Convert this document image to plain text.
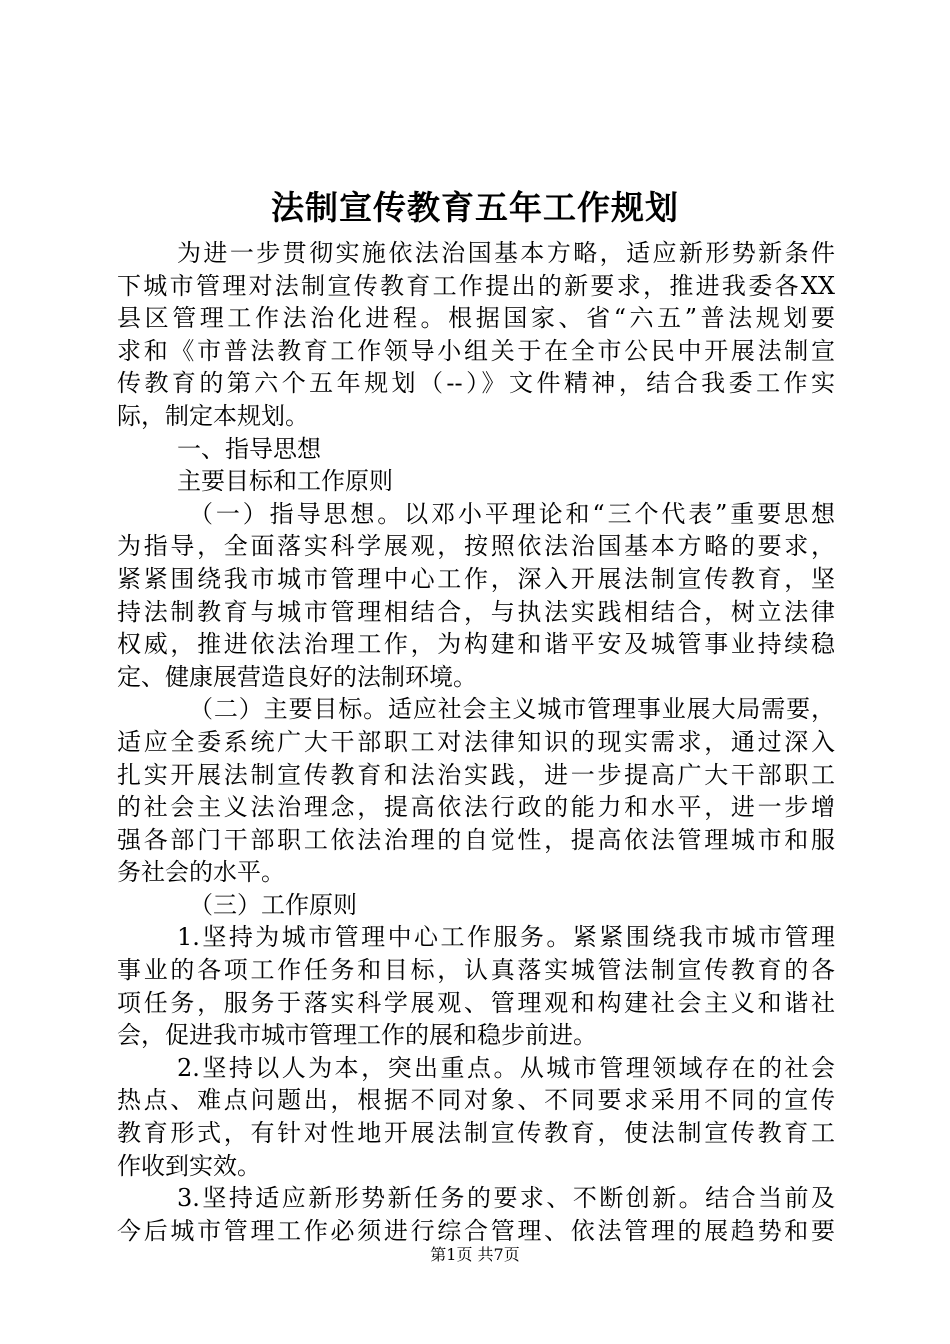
法制宣传教育五年工作规划
为进一步贯彻实施依法治国基本方略，适应新形势新条件
下城市管理对法制宣传教育工作提出的新要求，推进我委各XX
县区管理工作法治化进程。根据国家、省“六五”普法规划要
求和《市普法教育工作领导小组关于在全市公民中开展法制宣
传教育的第六个五年规划（--）》文件精神，结合我委工作实
际，制定本规划。
一、指导思想
主要目标和工作原则
（一）指导思想。以邓小平理论和“三个代表”重要思想
为指导，全面落实科学展观，按照依法治国基本方略的要求，
紧紧围绕我市城市管理中心工作，深入开展法制宣传教育，坚
持法制教育与城市管理相结合，与执法实践相结合，树立法律
权威，推进依法治理工作，为构建和谐平安及城管事业持续稳
定、健康展营造良好的法制环境。
（二）主要目标。适应社会主义城市管理事业展大局需要，
适应全委系统广大干部职工对法律知识的现实需求，通过深入
扎实开展法制宣传教育和法治实践，进一步提高广大干部职工
的社会主义法治理念，提高依法行政的能力和水平，进一步增
强各部门干部职工依法治理的自觉性，提高依法管理城市和服
务社会的水平。
（三）工作原则
1.坚持为城市管理中心工作服务。紧紧围绕我市城市管理
事业的各项工作任务和目标，认真落实城管法制宣传教育的各
项任务，服务于落实科学展观、管理观和构建社会主义和谐社
会，促进我市城市管理工作的展和稳步前进。
2.坚持以人为本，突出重点。从城市管理领域存在的社会
热点、难点问题出，根据不同对象、不同要求采用不同的宣传
教育形式，有针对性地开展法制宣传教育，使法制宣传教育工
作收到实效。
3.坚持适应新形势新任务的要求、不断创新。结合当前及
今后城市管理工作必须进行综合管理、依法管理的展趋势和要
第1页 共7页
